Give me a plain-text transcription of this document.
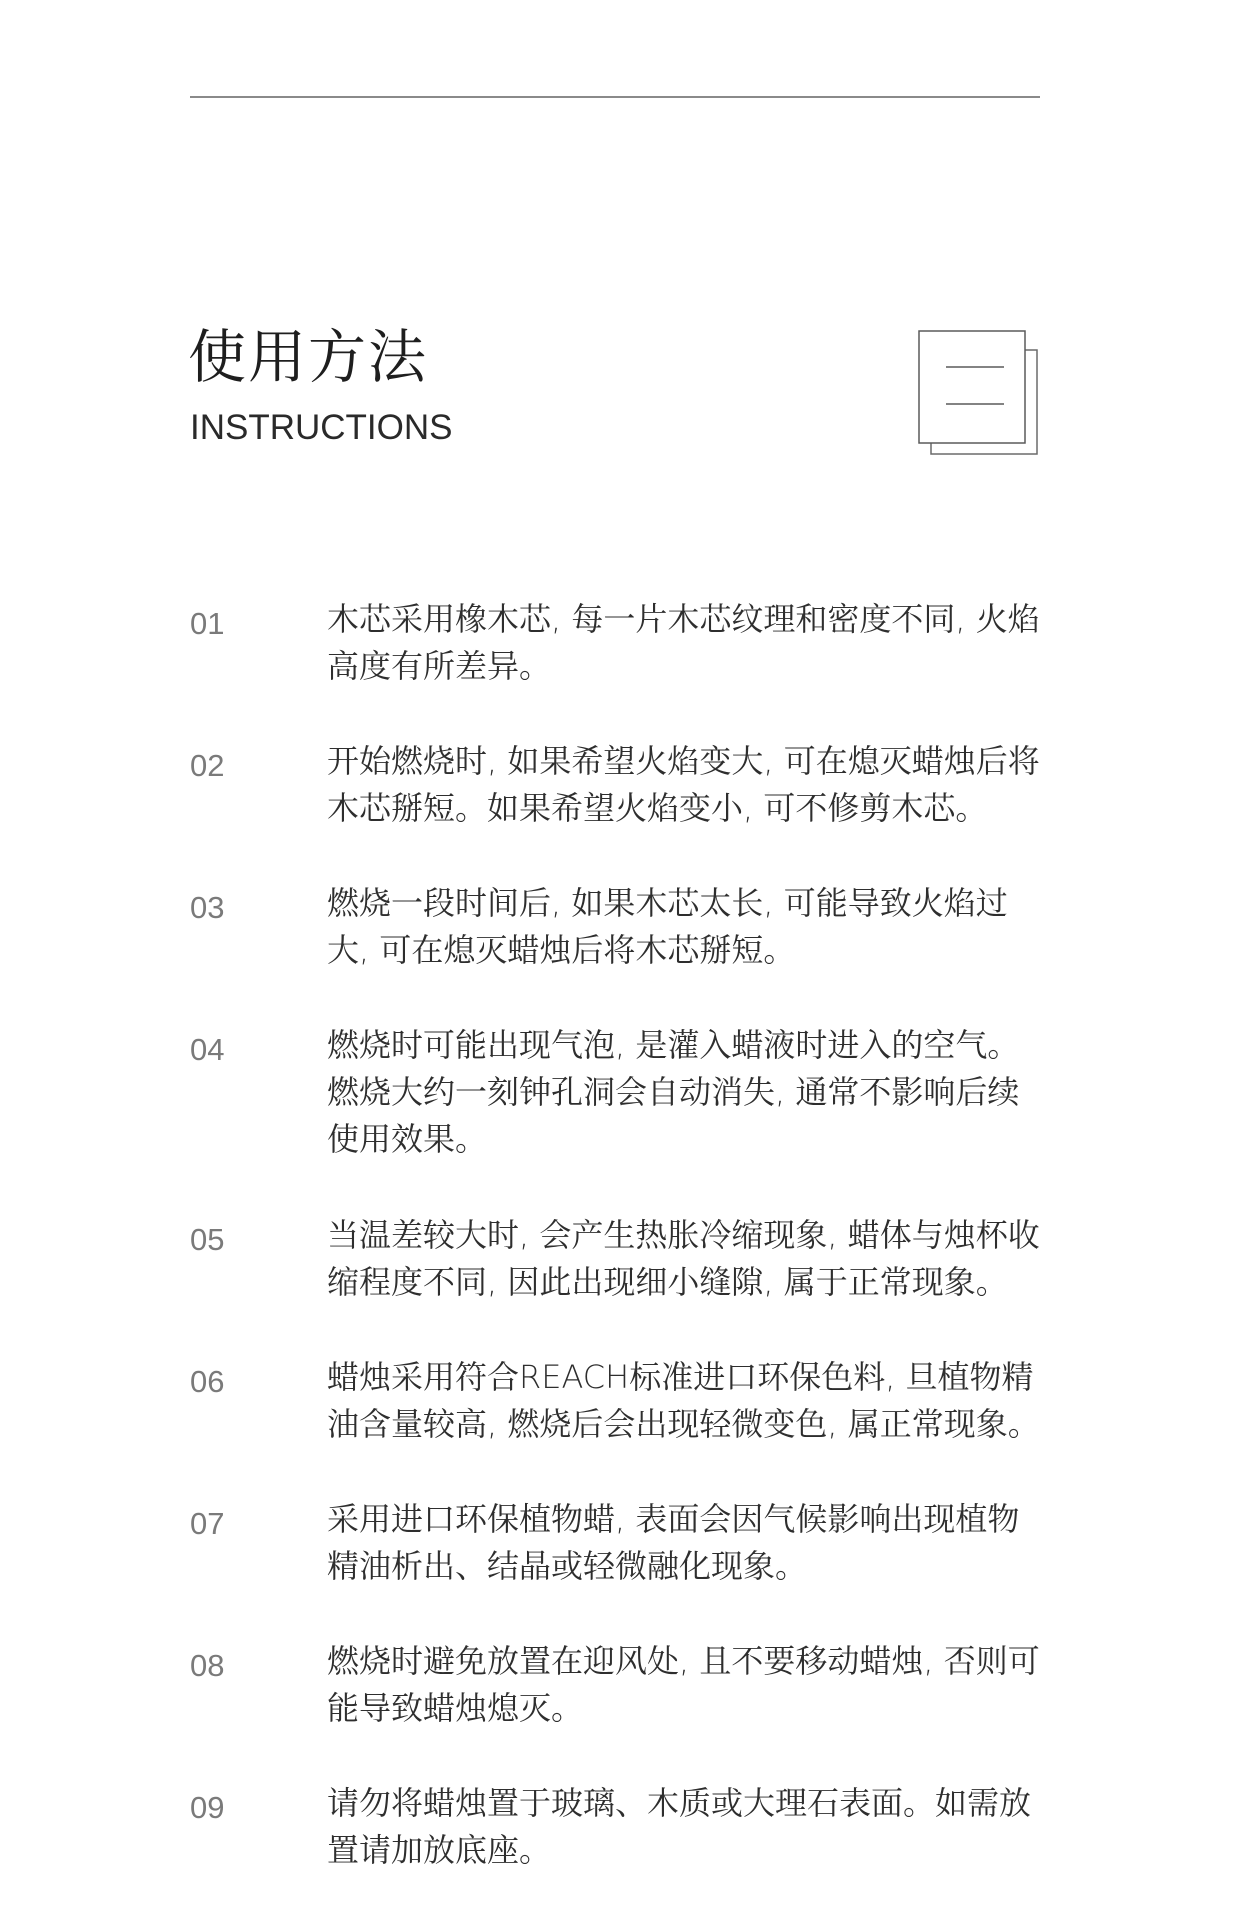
使用方法
INSTRUCTIONS
01	木芯采用橡木芯, 每一片木芯纹理和密度不同, 火焰高度有所差异。
02	开始燃烧时, 如果希望火焰变大, 可在熄灭蜡烛后将木芯掰短。如果希望火焰变小, 可不修剪木芯。
03	燃烧一段时间后, 如果木芯太长, 可能导致火焰过大, 可在熄灭蜡烛后将木芯掰短。
04	燃烧时可能出现气泡, 是灌入蜡液时进入的空气。燃烧大约一刻钟孔洞会自动消失, 通常不影响后续使用效果。
05	当温差较大时, 会产生热胀冷缩现象, 蜡体与烛杯收缩程度不同, 因此出现细小缝隙, 属于正常现象。
06	蜡烛采用符合REACH标准进口环保色料, 旦植物精油含量较高, 燃烧后会出现轻微变色, 属正常现象。
07	采用进口环保植物蜡, 表面会因气候影响出现植物精油析出、结晶或轻微融化现象。
08	燃烧时避免放置在迎风处, 且不要移动蜡烛, 否则可能导致蜡烛熄灭。
09	请勿将蜡烛置于玻璃、木质或大理石表面。如需放置请加放底座。
